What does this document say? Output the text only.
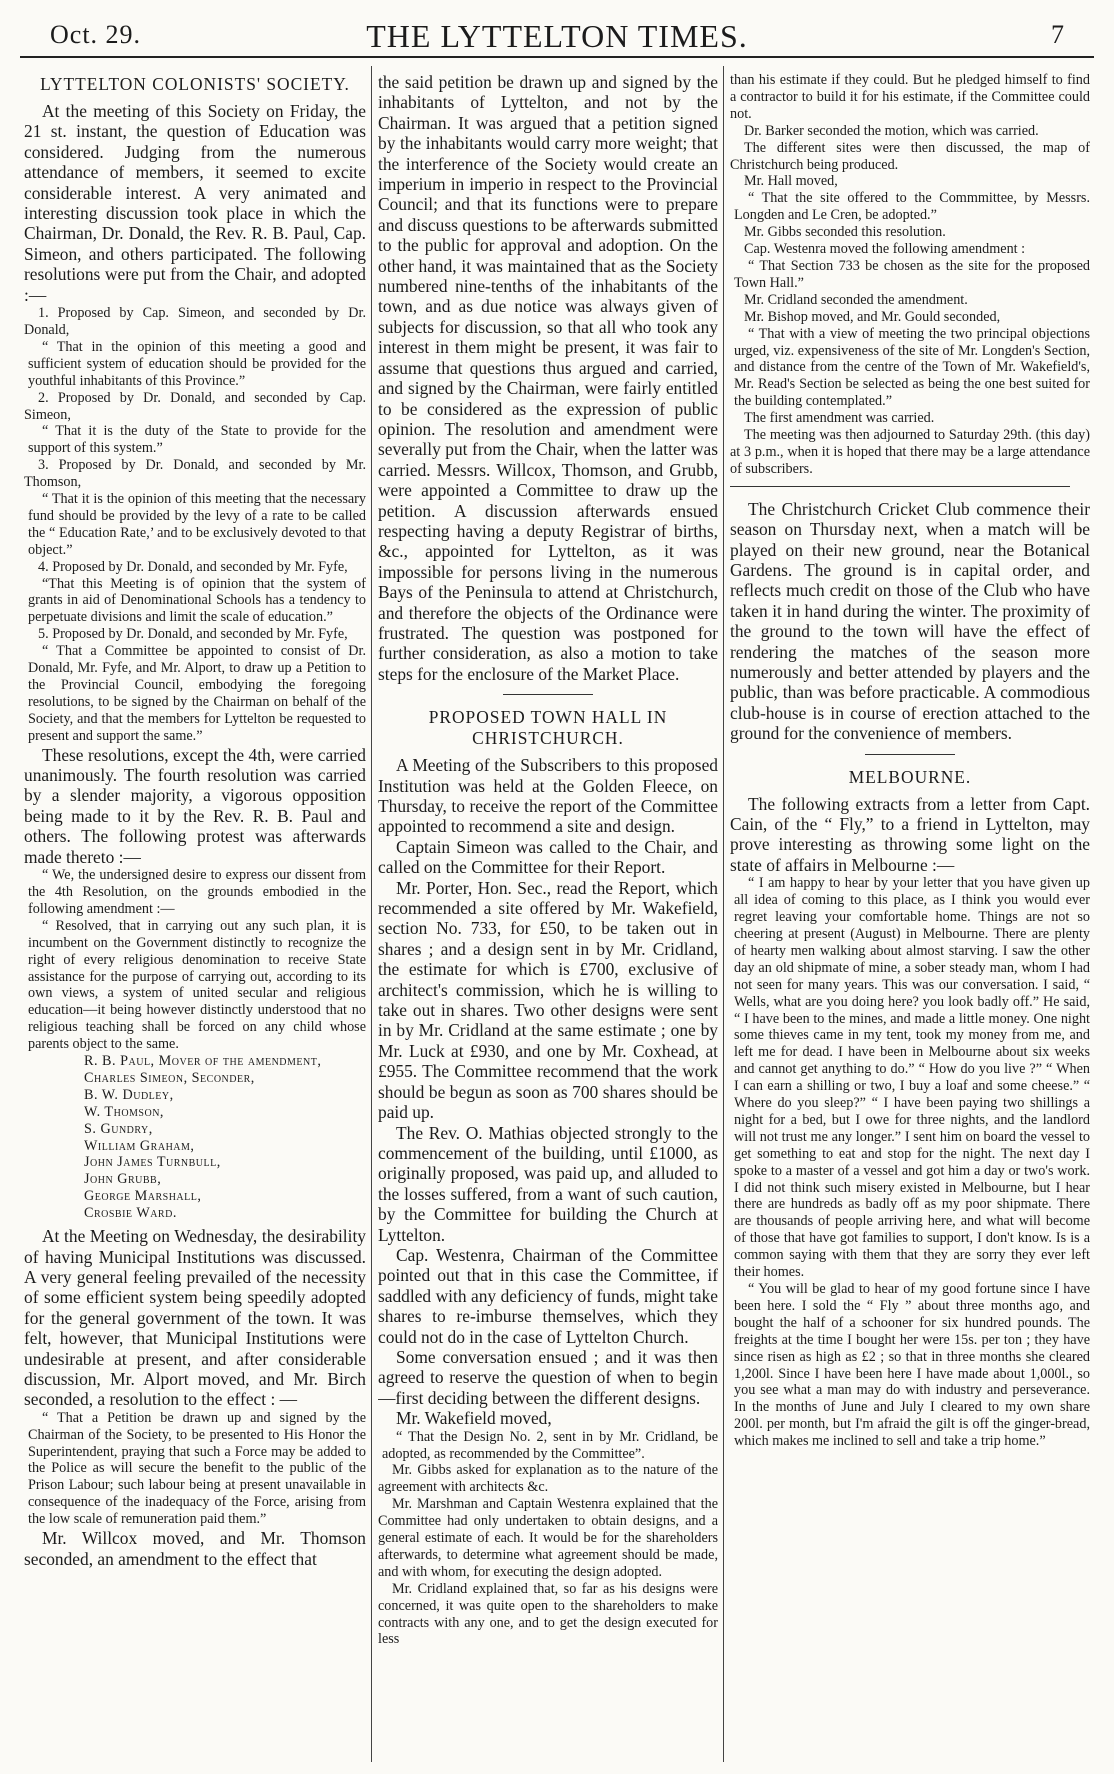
Oct. 29.	THE LYTTELTON TIMES.	7
LYTTELTON COLONISTS' SOCIETY.

At the meeting of this Society on Friday, the 21 st. instant, the question of Education was considered. Judging from the numerous attendance of members, it seemed to excite considerable interest. A very animated and interesting discussion took place in which the Chairman, Dr. Donald, the Rev. R. B. Paul, Cap. Simeon, and others participated. The following resolutions were put from the Chair, and adopted :—

1. Proposed by Cap. Simeon, and seconded by Dr. Donald,

“ That in the opinion of this meeting a good and sufficient system of education should be provided for the youthful inhabitants of this Province.”

2. Proposed by Dr. Donald, and seconded by Cap. Simeon,

“ That it is the duty of the State to provide for the support of this system.”

3. Proposed by Dr. Donald, and seconded by Mr. Thomson,

“ That it is the opinion of this meeting that the necessary fund should be provided by the levy of a rate to be called the “ Education Rate,’ and to be exclusively devoted to that object.”

4. Proposed by Dr. Donald, and seconded by Mr. Fyfe,

“That this Meeting is of opinion that the system of grants in aid of Denominational Schools has a tendency to perpetuate divisions and limit the scale of education.”

5. Proposed by Dr. Donald, and seconded by Mr. Fyfe,

“ That a Committee be appointed to consist of Dr. Donald, Mr. Fyfe, and Mr. Alport, to draw up a Petition to the Provincial Council, embodying the foregoing resolutions, to be signed by the Chairman on behalf of the Society, and that the members for Lyttelton be requested to present and support the same.”

These resolutions, except the 4th, were carried unanimously. The fourth resolution was carried by a slender majority, a vigorous opposition being made to it by the Rev. R. B. Paul and others. The following protest was afterwards made thereto :—

“ We, the undersigned desire to express our dissent from the 4th Resolution, on the grounds embodied in the following amendment :—

“ Resolved, that in carrying out any such plan, it is incumbent on the Government distinctly to recognize the right of every religious denomination to receive State assistance for the purpose of carrying out, according to its own views, a system of united secular and religious education—it being however distinctly understood that no religious teaching shall be forced on any child whose parents object to the same.

R. B. Paul, Mover of the amendment,
Charles Simeon, Seconder,
B. W. Dudley,
W. Thomson,
S. Gundry,
William Graham,
John James Turnbull,
John Grubb,
George Marshall,
Crosbie Ward.

At the Meeting on Wednesday, the desirability of having Municipal Institutions was discussed. A very general feeling prevailed of the necessity of some efficient system being speedily adopted for the general government of the town. It was felt, however, that Municipal Institutions were undesirable at present, and after considerable discussion, Mr. Alport moved, and Mr. Birch seconded, a resolution to the effect : —

“ That a Petition be drawn up and signed by the Chairman of the Society, to be presented to His Honor the Superintendent, praying that such a Force may be added to the Police as will secure the benefit to the public of the Prison Labour; such labour being at present unavailable in consequence of the inadequacy of the Force, arising from the low scale of remuneration paid them.”

Mr. Willcox moved, and Mr. Thomson seconded, an amendment to the effect that

the said petition be drawn up and signed by the inhabitants of Lyttelton, and not by the Chairman. It was argued that a petition signed by the inhabitants would carry more weight; that the interference of the Society would create an imperium in imperio in respect to the Provincial Council; and that its functions were to prepare and discuss questions to be afterwards submitted to the public for approval and adoption. On the other hand, it was maintained that as the Society numbered nine-tenths of the inhabitants of the town, and as due notice was always given of subjects for discussion, so that all who took any interest in them might be present, it was fair to assume that questions thus argued and carried, and signed by the Chairman, were fairly entitled to be considered as the expression of public opinion. The resolution and amendment were severally put from the Chair, when the latter was carried. Messrs. Willcox, Thomson, and Grubb, were appointed a Committee to draw up the petition. A discussion afterwards ensued respecting having a deputy Registrar of births, &c., appointed for Lyttelton, as it was impossible for persons living in the numerous Bays of the Peninsula to attend at Christchurch, and therefore the objects of the Ordinance were frustrated. The question was postponed for further consideration, as also a motion to take steps for the enclosure of the Market Place.

PROPOSED TOWN HALL IN CHRISTCHURCH.

A Meeting of the Subscribers to this proposed Institution was held at the Golden Fleece, on Thursday, to receive the report of the Committee appointed to recommend a site and design.

Captain Simeon was called to the Chair, and called on the Committee for their Report.

Mr. Porter, Hon. Sec., read the Report, which recommended a site offered by Mr. Wakefield, section No. 733, for £50, to be taken out in shares ; and a design sent in by Mr. Cridland, the estimate for which is £700, exclusive of architect's commission, which he is willing to take out in shares. Two other designs were sent in by Mr. Cridland at the same estimate ; one by Mr. Luck at £930, and one by Mr. Coxhead, at £955. The Committee recommend that the work should be begun as soon as 700 shares should be paid up.

The Rev. O. Mathias objected strongly to the commencement of the building, until £1000, as originally proposed, was paid up, and alluded to the losses suffered, from a want of such caution, by the Committee for building the Church at Lyttelton.

Cap. Westenra, Chairman of the Committee pointed out that in this case the Committee, if saddled with any deficiency of funds, might take shares to re-imburse themselves, which they could not do in the case of Lyttelton Church.

Some conversation ensued ; and it was then agreed to reserve the question of when to begin—first deciding between the different designs.

Mr. Wakefield moved,

“ That the Design No. 2, sent in by Mr. Cridland, be adopted, as recommended by the Committee”.

Mr. Gibbs asked for explanation as to the nature of the agreement with architects &c.

Mr. Marshman and Captain Westenra explained that the Committee had only undertaken to obtain designs, and a general estimate of each. It would be for the shareholders afterwards, to determine what agreement should be made, and with whom, for executing the design adopted.

Mr. Cridland explained that, so far as his designs were concerned, it was quite open to the shareholders to make contracts with any one, and to get the design executed for less

than his estimate if they could. But he pledged himself to find a contractor to build it for his estimate, if the Committee could not.

Dr. Barker seconded the motion, which was carried.

The different sites were then discussed, the map of Christchurch being produced.

Mr. Hall moved,

“ That the site offered to the Commmittee, by Messrs. Longden and Le Cren, be adopted.”

Mr. Gibbs seconded this resolution.

Cap. Westenra moved the following amendment :

“ That Section 733 be chosen as the site for the proposed Town Hall.”

Mr. Cridland seconded the amendment.

Mr. Bishop moved, and Mr. Gould seconded,

“ That with a view of meeting the two principal objections urged, viz. expensiveness of the site of Mr. Longden's Section, and distance from the centre of the Town of Mr. Wakefield's, Mr. Read's Section be selected as being the one best suited for the building contemplated.”

The first amendment was carried.

The meeting was then adjourned to Saturday 29th. (this day) at 3 p.m., when it is hoped that there may be a large attendance of subscribers.

The Christchurch Cricket Club commence their season on Thursday next, when a match will be played on their new ground, near the Botanical Gardens. The ground is in capital order, and reflects much credit on those of the Club who have taken it in hand during the winter. The proximity of the ground to the town will have the effect of rendering the matches of the season more numerously and better attended by players and the public, than was before practicable. A commodious club-house is in course of erection attached to the ground for the convenience of members.

MELBOURNE.

The following extracts from a letter from Capt. Cain, of the “ Fly,” to a friend in Lyttelton, may prove interesting as throwing some light on the state of affairs in Melbourne :—

“ I am happy to hear by your letter that you have given up all idea of coming to this place, as I think you would ever regret leaving your comfortable home. Things are not so cheering at present (August) in Melbourne. There are plenty of hearty men walking about almost starving. I saw the other day an old shipmate of mine, a sober steady man, whom I had not seen for many years. This was our conversation. I said, “ Wells, what are you doing here? you look badly off.” He said, “ I have been to the mines, and made a little money. One night some thieves came in my tent, took my money from me, and left me for dead. I have been in Melbourne about six weeks and cannot get anything to do.” “ How do you live ?” “ When I can earn a shilling or two, I buy a loaf and some cheese.” “ Where do you sleep?” “ I have been paying two shillings a night for a bed, but I owe for three nights, and the landlord will not trust me any longer.” I sent him on board the vessel to get something to eat and stop for the night. The next day I spoke to a master of a vessel and got him a day or two's work. I did not think such misery existed in Melbourne, but I hear there are hundreds as badly off as my poor shipmate. There are thousands of people arriving here, and what will become of those that have got families to support, I don't know. Is is a common saying with them that they are sorry they ever left their homes.

“ You will be glad to hear of my good fortune since I have been here. I sold the “ Fly ” about three months ago, and bought the half of a schooner for six hundred pounds. The freights at the time I bought her were 15s. per ton ; they have since risen as high as £2 ; so that in three months she cleared 1,200l. Since I have been here I have made about 1,000l., so you see what a man may do with industry and perseverance. In the months of June and July I cleared to my own share 200l. per month, but I'm afraid the gilt is off the ginger-bread, which makes me inclined to sell and take a trip home.”
